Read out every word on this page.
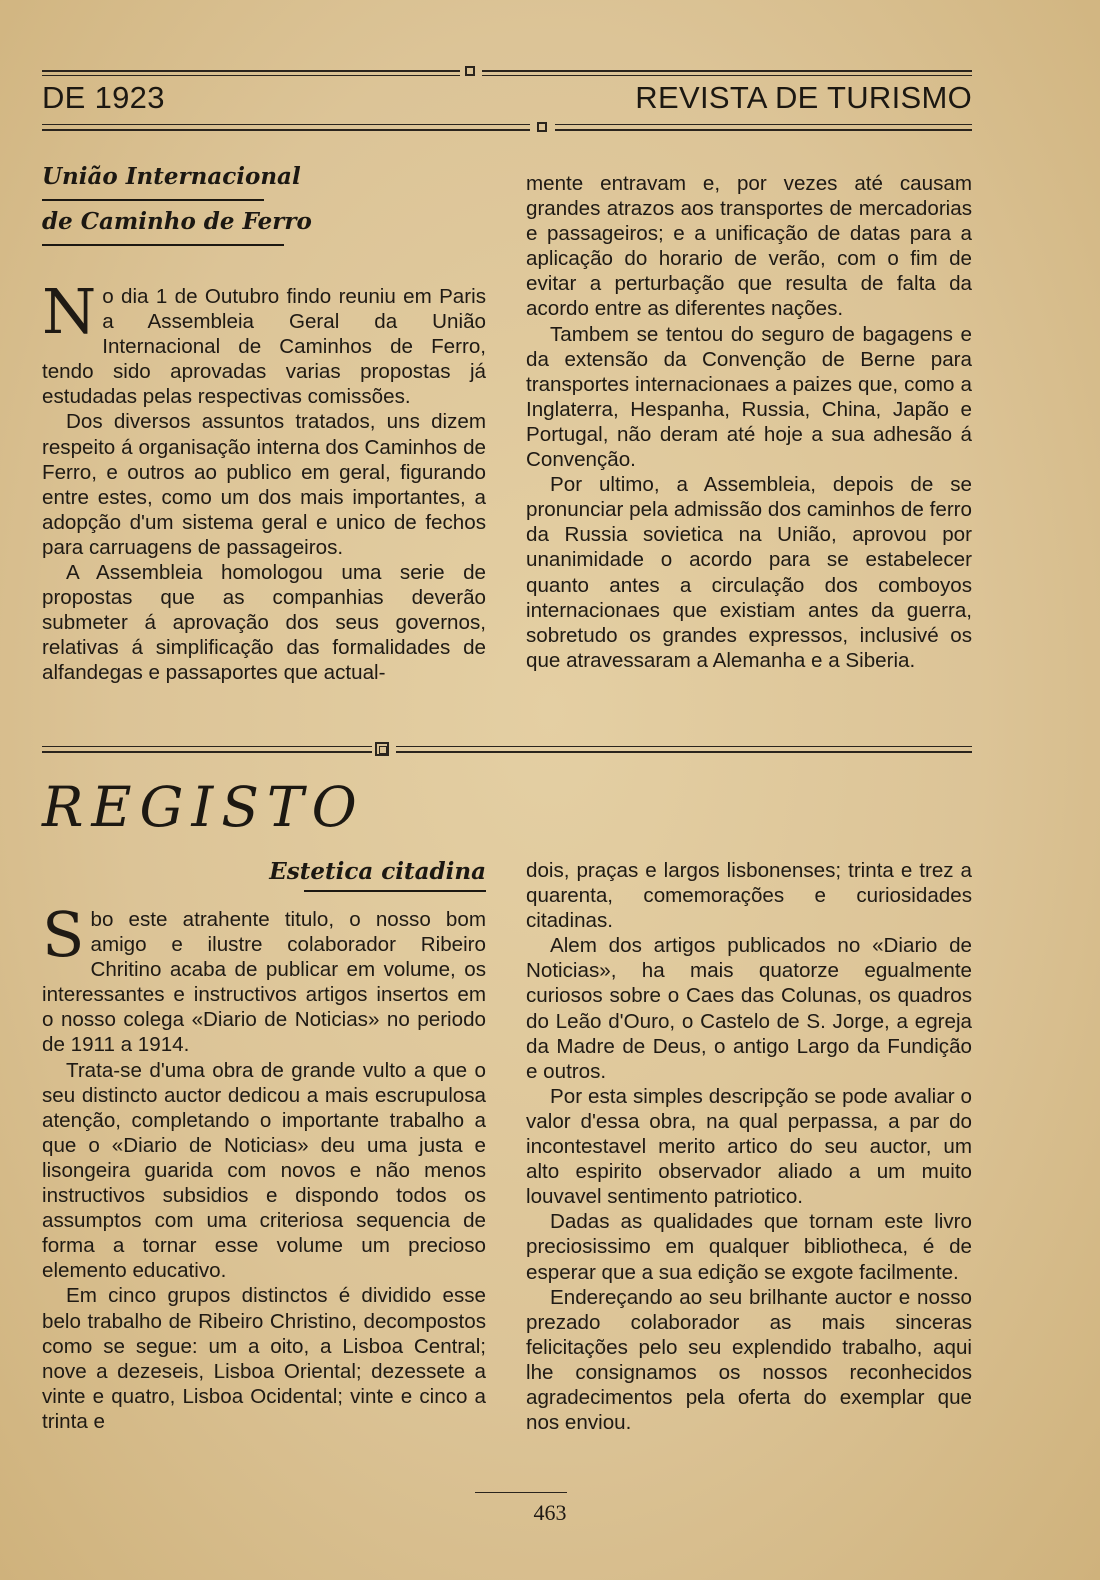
DE 1923	REVISTA DE TURISMO
União Internacional
de Caminho de Ferro

No dia 1 de Outubro findo reuniu em Paris a Assembleia Geral da União Internacional de Caminhos de Ferro, tendo sido aprovadas varias propostas já estudadas pelas respectivas comissões.

Dos diversos assuntos tratados, uns dizem respeito á organisação interna dos Caminhos de Ferro, e outros ao publico em geral, figurando entre estes, como um dos mais importantes, a adopção d'um sistema geral e unico de fechos para carruagens de passageiros.

A Assembleia homologou uma serie de propostas que as companhias deverão submeter á aprovação dos seus governos, relativas á simplificação das formalidades de alfandegas e passaportes que actual-

mente entravam e, por vezes até causam grandes atrazos aos transportes de mercadorias e passageiros; e a unificação de datas para a aplicação do horario de verão, com o fim de evitar a perturbação que resulta de falta da acordo entre as diferentes nações.

Tambem se tentou do seguro de bagagens e da extensão da Convenção de Berne para transportes internacionaes a paizes que, como a Inglaterra, Hespanha, Russia, China, Japão e Portugal, não deram até hoje a sua adhesão á Convenção.

Por ultimo, a Assembleia, depois de se pronunciar pela admissão dos caminhos de ferro da Russia sovietica na União, aprovou por unanimidade o acordo para se estabelecer quanto antes a circulação dos comboyos internacionaes que existiam antes da guerra, sobretudo os grandes expressos, inclusivé os que atravessaram a Alemanha e a Siberia.

REGISTO
Estetica citadina

Sbo este atrahente titulo, o nosso bom amigo e ilustre colaborador Ribeiro Chritino acaba de publicar em volume, os interessantes e instructivos artigos insertos em o nosso colega «Diario de Noticias» no periodo de 1911 a 1914.

Trata-se d'uma obra de grande vulto a que o seu distincto auctor dedicou a mais escrupulosa atenção, completando o importante trabalho a que o «Diario de Noticias» deu uma justa e lisongeira guarida com novos e não menos instructivos subsidios e dispondo todos os assumptos com uma criteriosa sequencia de forma a tornar esse volume um precioso elemento educativo.

Em cinco grupos distinctos é dividido esse belo trabalho de Ribeiro Christino, decompostos como se segue: um a oito, a Lisboa Central; nove a dezeseis, Lisboa Oriental; dezessete a vinte e quatro, Lisboa Ocidental; vinte e cinco a trinta e

dois, praças e largos lisbonenses; trinta e trez a quarenta, comemorações e curiosidades citadinas.

Alem dos artigos publicados no «Diario de Noticias», ha mais quatorze egualmente curiosos sobre o Caes das Colunas, os quadros do Leão d'Ouro, o Castelo de S. Jorge, a egreja da Madre de Deus, o antigo Largo da Fundição e outros.

Por esta simples descripção se pode avaliar o valor d'essa obra, na qual perpassa, a par do incontestavel merito artico do seu auctor, um alto espirito observador aliado a um muito louvavel sentimento patriotico.

Dadas as qualidades que tornam este livro preciosissimo em qualquer bibliotheca, é de esperar que a sua edição se exgote facilmente.

Endereçando ao seu brilhante auctor e nosso prezado colaborador as mais sinceras felicitações pelo seu explendido trabalho, aqui lhe consignamos os nossos reconhecidos agradecimentos pela oferta do exemplar que nos enviou.

463
